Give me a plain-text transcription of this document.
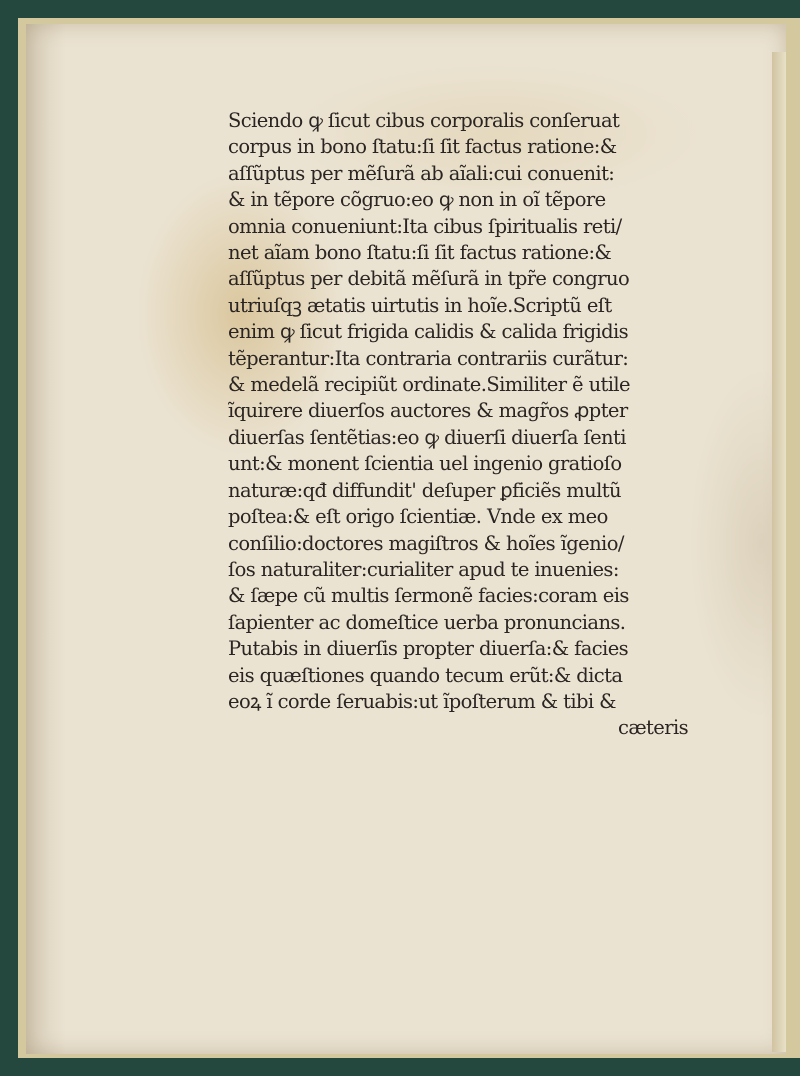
Sciendo ꝙ ſicut cibus corporalis conſeruat
corpus in bono ſtatu:ſi ſit factus ratione:&
aſſũptus per mẽſurã ab aĩali:cui conuenit:
& in tẽpore cõgruo:eo ꝙ non in oĩ tẽpore
omnia conueniunt:Ita cibus ſpiritualis reti/
net aĩam bono ſtatu:ſi ſit factus ratione:&
aſſũptus per debitã mẽſurã in tpr̃e congruo
utriuſqꝫ ætatis uirtutis in hoĩe.Scriptũ eſt
enim ꝙ ſicut frigida calidis & calida frigidis
tẽperantur:Ita contraria contrariis curãtur:
& medelã recipiũt ordinate.Similiter ẽ utile
ĩquirere diuerſos auctores & magr̃os ꝓpter
diuerſas ſentẽtias:eo ꝙ diuerſi diuerſa ſenti
unt:& monent ſcientia uel ingenio gratioſo
naturæ:qđ diffundit' deſuper ꝑficiẽs multũ
poſtea:& eſt origo ſcientiæ. Vnde ex meo
conſilio:doctores magiſtros & hoĩes ĩgenio/
ſos naturaliter:curialiter apud te inuenies:
& ſæpe cũ multis ſermonẽ facies:coram eis
ſapienter ac domeſtice uerba pronuncians.
Putabis in diuerſis propter diuerſa:& facies
eis quæſtiones quando tecum erũt:& dicta
eoꝝ ĩ corde ſeruabis:ut ĩpoſterum & tibi &
cæteris
